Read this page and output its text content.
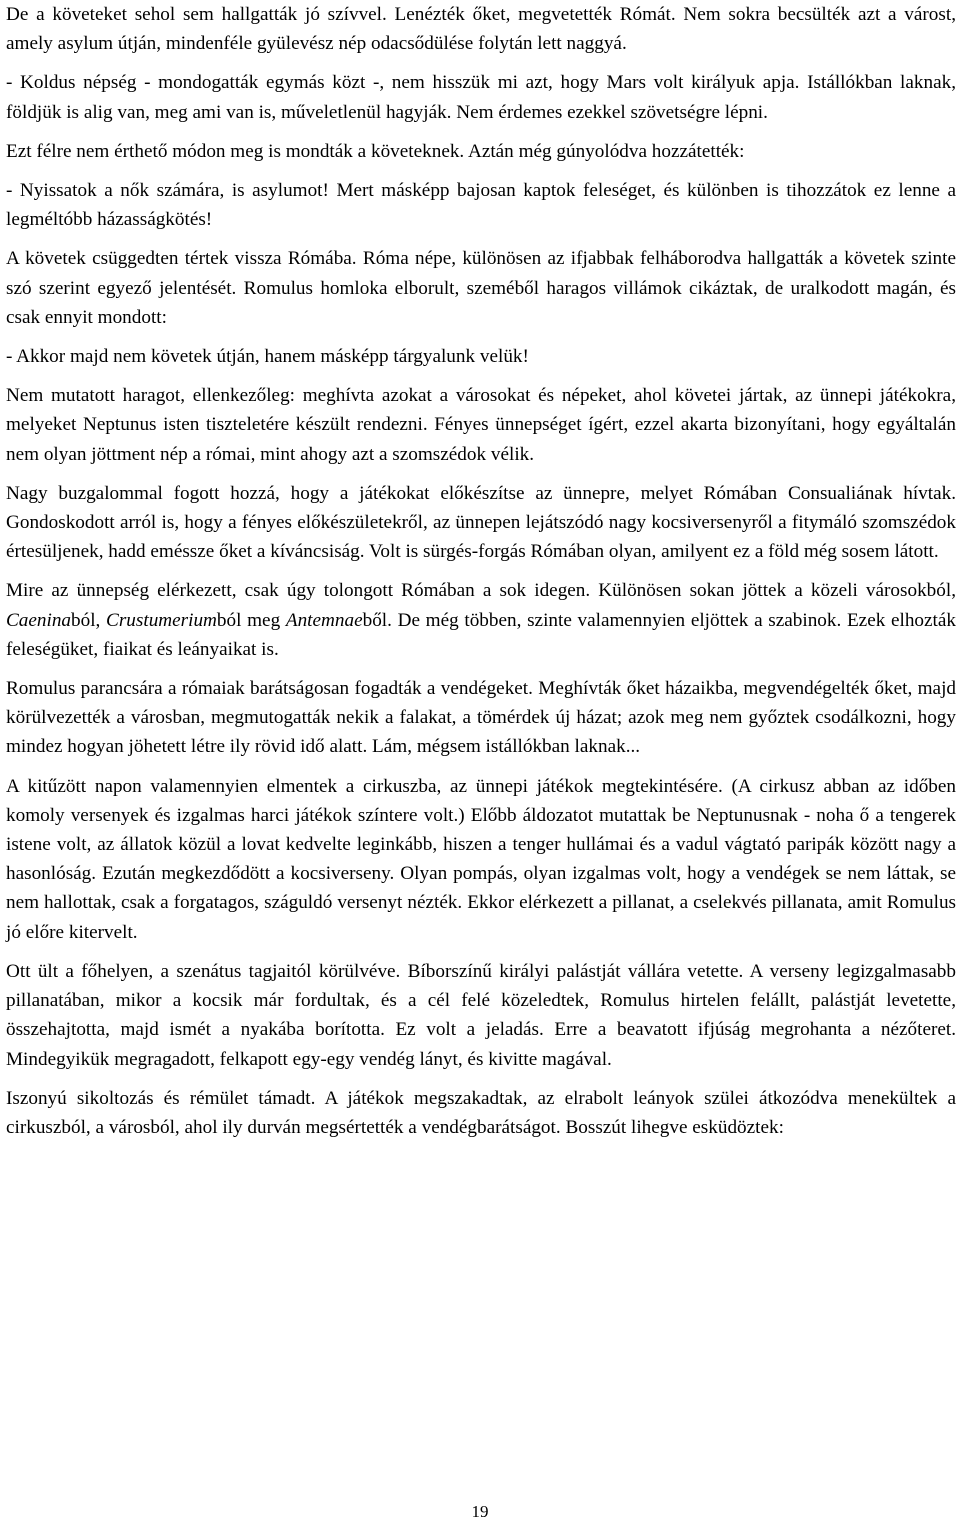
De a követeket sehol sem hallgatták jó szívvel. Lenézték őket, megvetették Rómát. Nem sokra becsülték azt a várost, amely asylum útján, mindenféle gyülevész nép odacsődülése folytán lett naggyá.

- Koldus népség - mondogatták egymás közt -, nem hisszük mi azt, hogy Mars volt királyuk apja. Istállókban laknak, földjük is alig van, meg ami van is, műveletlenül hagyják. Nem érdemes ezekkel szövetségre lépni.

Ezt félre nem érthető módon meg is mondták a követeknek. Aztán még gúnyolódva hozzátették:

- Nyissatok a nők számára, is asylumot! Mert másképp bajosan kaptok feleséget, és különben is tihozzátok ez lenne a legméltóbb házasságkötés!

A követek csüggedten tértek vissza Rómába. Róma népe, különösen az ifjabbak felháborodva hallgatták a követek szinte szó szerint egyező jelentését. Romulus homloka elborult, szeméből haragos villámok cikáztak, de uralkodott magán, és csak ennyit mondott:

- Akkor majd nem követek útján, hanem másképp tárgyalunk velük!

Nem mutatott haragot, ellenkezőleg: meghívta azokat a városokat és népeket, ahol követei jártak, az ünnepi játékokra, melyeket Neptunus isten tiszteletére készült rendezni. Fényes ünnepséget ígért, ezzel akarta bizonyítani, hogy egyáltalán nem olyan jöttment nép a római, mint ahogy azt a szomszédok vélik.

Nagy buzgalommal fogott hozzá, hogy a játékokat előkészítse az ünnepre, melyet Rómában Consualiának hívtak. Gondoskodott arról is, hogy a fényes előkészületekről, az ünnepen lejátszódó nagy kocsiversenyről a fitymáló szomszédok értesüljenek, hadd eméssze őket a kíváncsiság. Volt is sürgés-forgás Rómában olyan, amilyent ez a föld még sosem látott.

Mire az ünnepség elérkezett, csak úgy tolongott Rómában a sok idegen. Különösen sokan jöttek a közeli városokból, Caeninaból, Crustumeriumból meg Antemnaeből. De még többen, szinte valamennyien eljöttek a szabinok. Ezek elhozták feleségüket, fiaikat és leányaikat is.

Romulus parancsára a rómaiak barátságosan fogadták a vendégeket. Meghívták őket házaikba, megvendégelték őket, majd körülvezették a városban, megmutogatták nekik a falakat, a tömérdek új házat; azok meg nem győztek csodálkozni, hogy mindez hogyan jöhetett létre ily rövid idő alatt. Lám, mégsem istállókban laknak...

A kitűzött napon valamennyien elmentek a cirkuszba, az ünnepi játékok megtekintésére. (A cirkusz abban az időben komoly versenyek és izgalmas harci játékok színtere volt.) Előbb áldozatot mutattak be Neptunusnak - noha ő a tengerek istene volt, az állatok közül a lovat kedvelte leginkább, hiszen a tenger hullámai és a vadul vágtató paripák között nagy a hasonlóság. Ezután megkezdődött a kocsiverseny. Olyan pompás, olyan izgalmas volt, hogy a vendégek se nem láttak, se nem hallottak, csak a forgatagos, száguldó versenyt nézték. Ekkor elérkezett a pillanat, a cselekvés pillanata, amit Romulus jó előre kitervelt.

Ott ült a főhelyen, a szenátus tagjaitól körülvéve. Bíborszínű királyi palástját vállára vetette. A verseny legizgalmasabb pillanatában, mikor a kocsik már fordultak, és a cél felé közeledtek, Romulus hirtelen felállt, palástját levetette, összehajtotta, majd ismét a nyakába borította. Ez volt a jeladás. Erre a beavatott ifjúság megrohanta a nézőteret. Mindegyikük megragadott, felkapott egy-egy vendég lányt, és kivitte magával.

Iszonyú sikoltozás és rémület támadt. A játékok megszakadtak, az elrabolt leányok szülei átkozódva menekültek a cirkuszból, a városból, ahol ily durván megsértették a vendégbarátságot. Bosszút lihegve esküdöztek:

19
